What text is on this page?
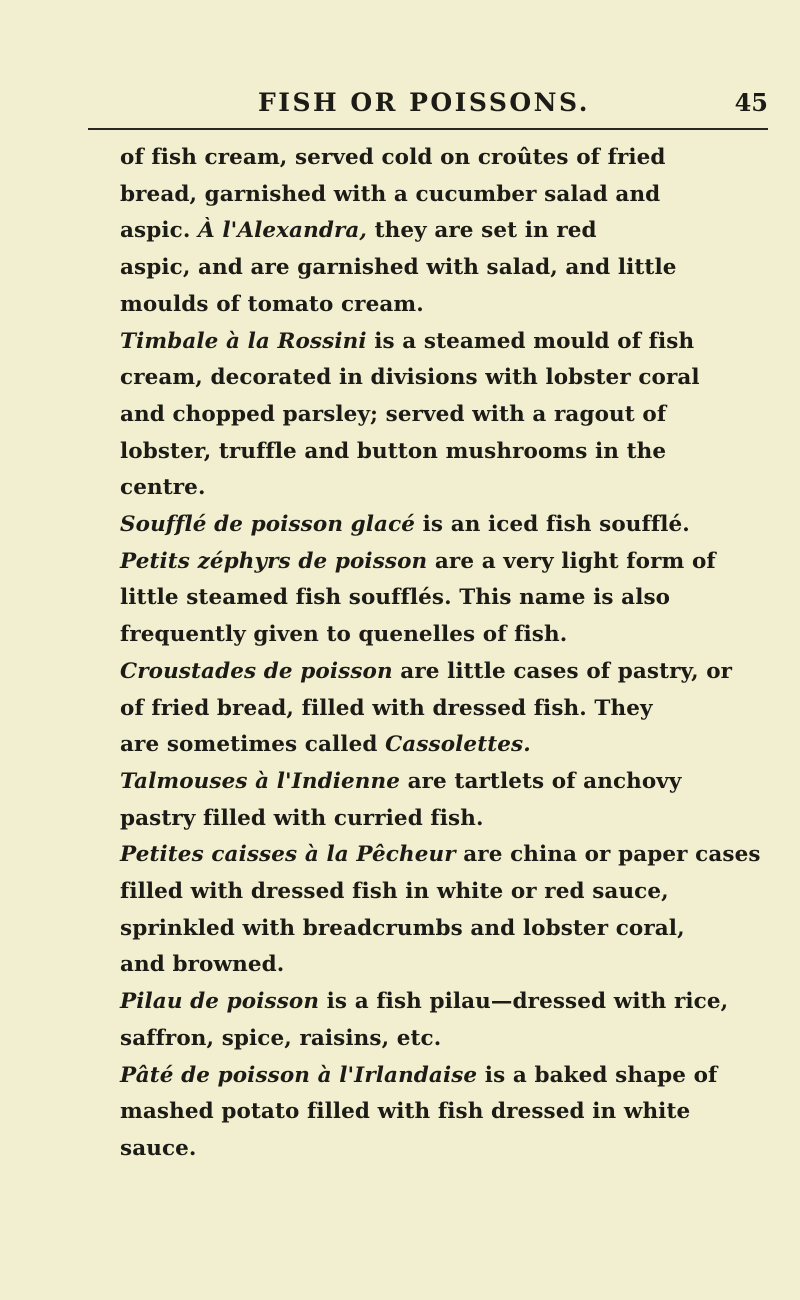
FISH OR POISSONS.	45
of fish cream, served cold on croûtes of fried
bread, garnished with a cucumber salad and
aspic. À l'Alexandra, they are set in red
aspic, and are garnished with salad, and little
moulds of tomato cream.
Timbale à la Rossini is a steamed mould of fish
cream, decorated in divisions with lobster coral
and chopped parsley; served with a ragout of
lobster, truffle and button mushrooms in the
centre.
Soufflé de poisson glacé is an iced fish soufflé.
Petits zéphyrs de poisson are a very light form of
little steamed fish soufflés. This name is also
frequently given to quenelles of fish.
Croustades de poisson are little cases of pastry, or
of fried bread, filled with dressed fish. They
are sometimes called Cassolettes.
Talmouses à l'Indienne are tartlets of anchovy
pastry filled with curried fish.
Petites caisses à la Pêcheur are china or paper cases
filled with dressed fish in white or red sauce,
sprinkled with breadcrumbs and lobster coral,
and browned.
Pilau de poisson is a fish pilau—dressed with rice,
saffron, spice, raisins, etc.
Pâté de poisson à l'Irlandaise is a baked shape of
mashed potato filled with fish dressed in white
sauce.
